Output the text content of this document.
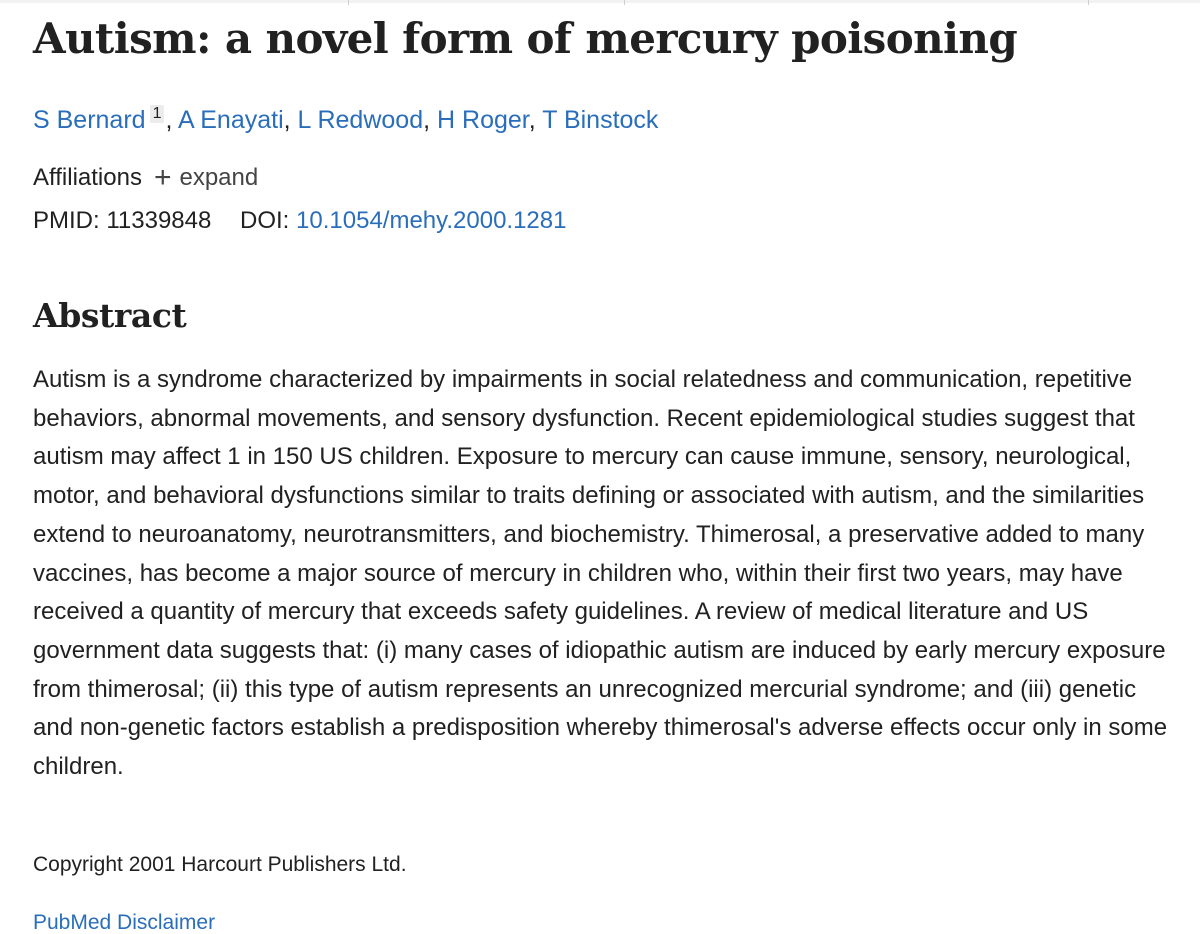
Autism: a novel form of mercury poisoning
S Bernard $^1$ , A Enayati, L Redwood, H Roger, T Binstock
Affiliations + expand
PMID: 11339848 DOI: 10.1054/mehy.2000.1281
Abstract

Autism is a syndrome characterized by impairments in social relatedness and communication, repetitive behaviors, abnormal movements, and sensory dysfunction. Recent epidemiological studies suggest that autism may affect 1 in 150 US children. Exposure to mercury can cause immune, sensory, neurological, motor, and behavioral dysfunctions similar to traits defining or associated with autism, and the similarities extend to neuroanatomy, neurotransmitters, and biochemistry. Thimerosal, a preservative added to many vaccines, has become a major source of mercury in children who, within their first two years, may have received a quantity of mercury that exceeds safety guidelines. A review of medical literature and US government data suggests that: (i) many cases of idiopathic autism are induced by early mercury exposure from thimerosal; (ii) this type of autism represents an unrecognized mercurial syndrome; and (iii) genetic and non-genetic factors establish a predisposition whereby thimerosal's adverse effects occur only in some children.

Copyright 2001 Harcourt Publishers Ltd.
PubMed Disclaimer
